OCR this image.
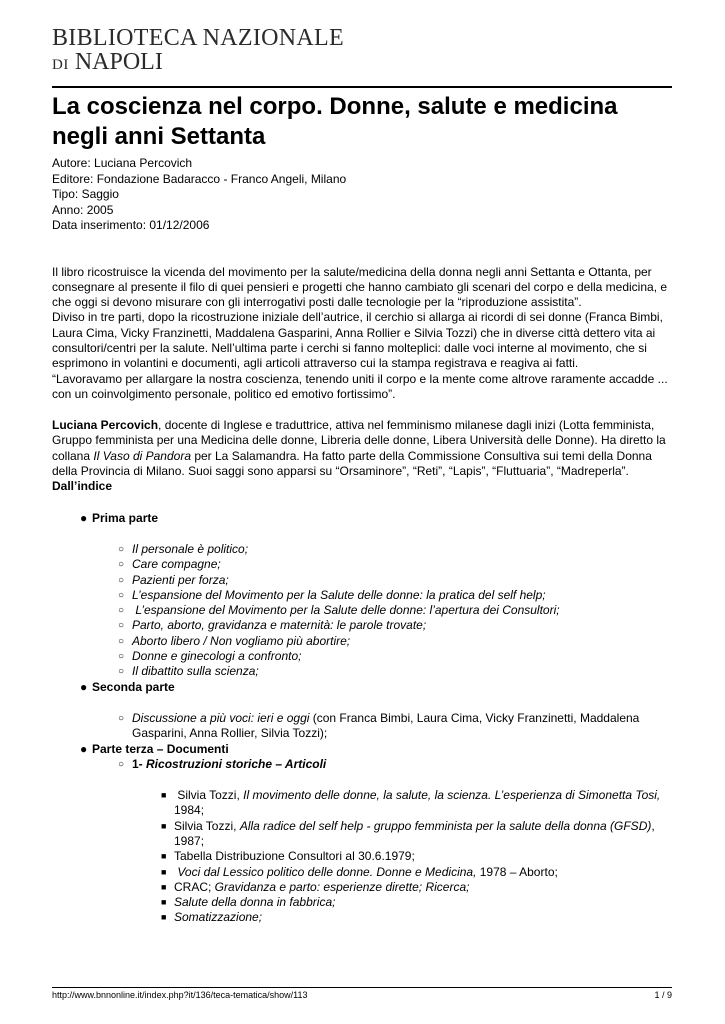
BIBLIOTECA NAZIONALE
DI NAPOLI
La coscienza nel corpo. Donne, salute e medicina negli anni Settanta
Autore: Luciana Percovich
Editore: Fondazione Badaracco - Franco Angeli, Milano
Tipo: Saggio
Anno: 2005
Data inserimento: 01/12/2006
Il libro ricostruisce la vicenda del movimento per la salute/medicina della donna negli anni Settanta e Ottanta, per consegnare al presente il filo di quei pensieri e progetti che hanno cambiato gli scenari del corpo e della medicina, e che oggi si devono misurare con gli interrogativi posti dalle tecnologie per la “riproduzione assistita”.
Diviso in tre parti, dopo la ricostruzione iniziale dell’autrice, il cerchio si allarga ai ricordi di sei donne (Franca Bimbi, Laura Cima, Vicky Franzinetti, Maddalena Gasparini, Anna Rollier e Silvia Tozzi) che in diverse città dettero vita ai consultori/centri per la salute. Nell’ultima parte i cerchi si fanno molteplici: dalle voci interne al movimento, che si esprimono in volantini e documenti, agli articoli attraverso cui la stampa registrava e reagiva ai fatti.
“Lavoravamo per allargare la nostra coscienza, tenendo uniti il corpo e la mente come altrove raramente accadde ... con un coinvolgimento personale, politico ed emotivo fortissimo”.
Luciana Percovich, docente di Inglese e traduttrice, attiva nel femminismo milanese dagli inizi (Lotta femminista, Gruppo femminista per una Medicina delle donne, Libreria delle donne, Libera Università delle Donne). Ha diretto la collana Il Vaso di Pandora per La Salamandra. Ha fatto parte della Commissione Consultiva sui temi della Donna della Provincia di Milano. Suoi saggi sono apparsi su “Orsaminore”, “Reti”, “Lapis”, “Fluttuaria”, “Madreperla”.
Dall’indice
● Prima parte
○ Il personale è politico;
○ Care compagne;
○ Pazienti per forza;
○ L’espansione del Movimento per la Salute delle donne: la pratica del self help;
○ L’espansione del Movimento per la Salute delle donne: l’apertura dei Consultori;
○ Parto, aborto, gravidanza e maternità: le parole trovate;
○ Aborto libero / Non vogliamo più abortire;
○ Donne e ginecologi a confronto;
○ Il dibattito sulla scienza;
● Seconda parte
○ Discussione a più voci: ieri e oggi (con Franca Bimbi, Laura Cima, Vicky Franzinetti, Maddalena Gasparini, Anna Rollier, Silvia Tozzi);
● Parte terza – Documenti
○ 1- Ricostruzioni storiche – Articoli
■ Silvia Tozzi, Il movimento delle donne, la salute, la scienza. L’esperienza di Simonetta Tosi, 1984;
■ Silvia Tozzi, Alla radice del self help - gruppo femminista per la salute della donna (GFSD), 1987;
■ Tabella Distribuzione Consultori al 30.6.1979;
■ Voci dal Lessico politico delle donne. Donne e Medicina, 1978 – Aborto;
■ CRAC; Gravidanza e parto: esperienze dirette; Ricerca;
■ Salute della donna in fabbrica;
■ Somatizzazione;
http://www.bnnonline.it/index.php?it/136/teca-tematica/show/113	1 / 9
